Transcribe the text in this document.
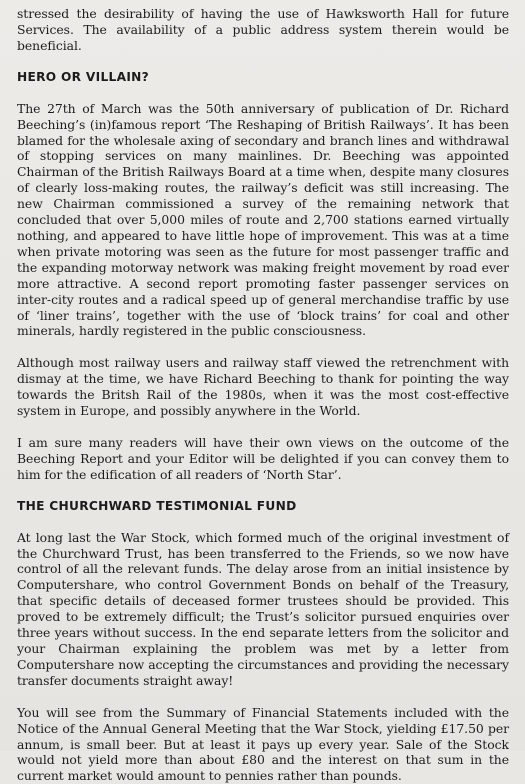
stressed the desirability of having the use of Hawksworth Hall for future Services. The availability of a public address system therein would be beneficial.

HERO OR VILLAIN?

The 27th of March was the 50th anniversary of publication of Dr. Richard Beeching’s (in)famous report ‘The Reshaping of British Railways’. It has been blamed for the wholesale axing of secondary and branch lines and withdrawal of stopping services on many mainlines. Dr. Beeching was appointed Chairman of the British Railways Board at a time when, despite many closures of clearly loss-making routes, the railway’s deficit was still increasing. The new Chairman commissioned a survey of the remaining network that concluded that over 5,000 miles of route and 2,700 stations earned virtually nothing, and appeared to have little hope of improvement. This was at a time when private motoring was seen as the future for most passenger traffic and the expanding motorway network was making freight movement by road ever more attractive. A second report promoting faster passenger services on inter-city routes and a radical speed up of general merchandise traffic by use of ‘liner trains’, together with the use of ‘block trains’ for coal and other minerals, hardly registered in the public consciousness.

Although most railway users and railway staff viewed the retrenchment with dismay at the time, we have Richard Beeching to thank for pointing the way towards the Britsh Rail of the 1980s, when it was the most cost-effective system in Europe, and possibly anywhere in the World.

I am sure many readers will have their own views on the outcome of the Beeching Report and your Editor will be delighted if you can convey them to him for the edification of all readers of ‘North Star’.

THE CHURCHWARD TESTIMONIAL FUND

At long last the War Stock, which formed much of the original investment of the Churchward Trust, has been transferred to the Friends, so we now have control of all the relevant funds. The delay arose from an initial insistence by Computershare, who control Government Bonds on behalf of the Treasury, that specific details of deceased former trustees should be provided. This proved to be extremely difficult; the Trust’s solicitor pursued enquiries over three years without success. In the end separate letters from the solicitor and your Chairman explaining the problem was met by a letter from Computershare now accepting the circumstances and providing the necessary transfer documents straight away!

You will see from the Summary of Financial Statements included with the Notice of the Annual General Meeting that the War Stock, yielding £17.50 per annum, is small beer. But at least it pays up every year. Sale of the Stock would not yield more than about £80 and the interest on that sum in the current market would amount to pennies rather than pounds.
